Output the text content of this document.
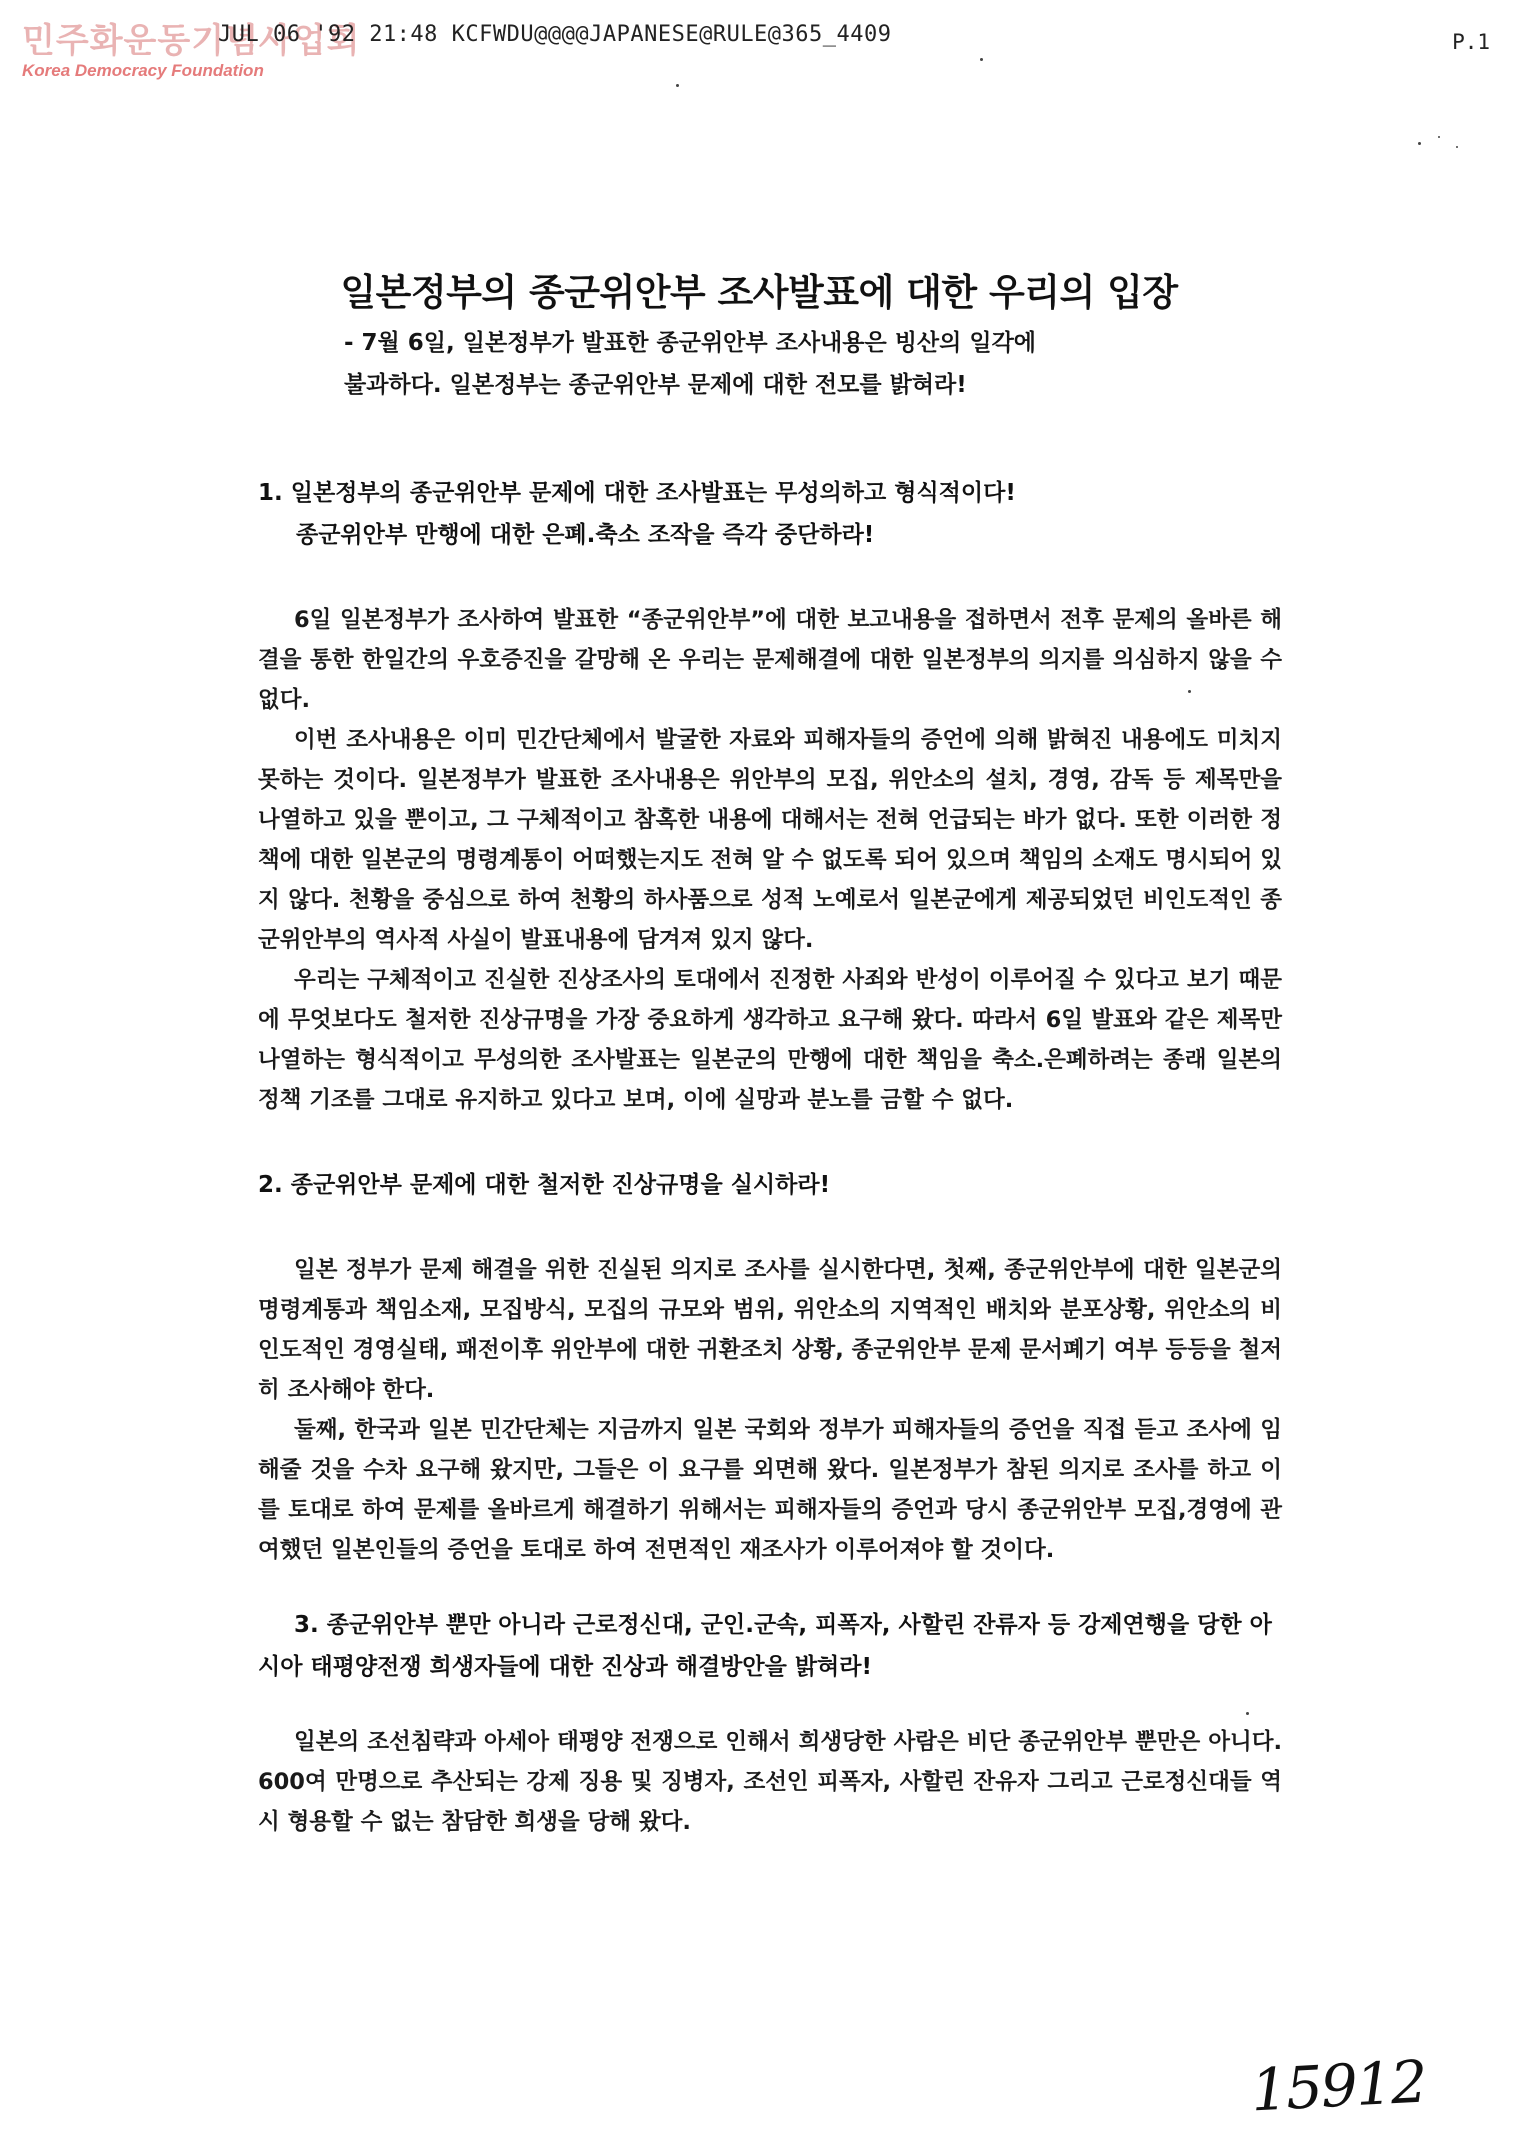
민주화운동기념사업회
Korea Democracy Foundation
JUL 06 '92 21:48 KCFWDU@@@@JAPANESE@RULE@365_4409	P.1
일본정부의 종군위안부 조사발표에 대한 우리의 입장
- 7월 6일, 일본정부가 발표한 종군위안부 조사내용은 빙산의 일각에
불과하다. 일본정부는 종군위안부 문제에 대한 전모를 밝혀라!
1. 일본정부의 종군위안부 문제에 대한 조사발표는 무성의하고 형식적이다!
종군위안부 만행에 대한 은폐.축소 조작을 즉각 중단하라!

6일 일본정부가 조사하여 발표한 “종군위안부”에 대한 보고내용을 접하면서 전후 문제의 올바른 해결을 통한 한일간의 우호증진을 갈망해 온 우리는 문제해결에 대한 일본정부의 의지를 의심하지 않을 수 없다.

이번 조사내용은 이미 민간단체에서 발굴한 자료와 피해자들의 증언에 의해 밝혀진 내용에도 미치지 못하는 것이다. 일본정부가 발표한 조사내용은 위안부의 모집, 위안소의 설치, 경영, 감독 등 제목만을 나열하고 있을 뿐이고, 그 구체적이고 참혹한 내용에 대해서는 전혀 언급되는 바가 없다. 또한 이러한 정책에 대한 일본군의 명령계통이 어떠했는지도 전혀 알 수 없도록 되어 있으며 책임의 소재도 명시되어 있지 않다. 천황을 중심으로 하여 천황의 하사품으로 성적 노예로서 일본군에게 제공되었던 비인도적인 종군위안부의 역사적 사실이 발표내용에 담겨져 있지 않다.

우리는 구체적이고 진실한 진상조사의 토대에서 진정한 사죄와 반성이 이루어질 수 있다고 보기 때문에 무엇보다도 철저한 진상규명을 가장 중요하게 생각하고 요구해 왔다. 따라서 6일 발표와 같은 제목만 나열하는 형식적이고 무성의한 조사발표는 일본군의 만행에 대한 책임을 축소.은폐하려는 종래 일본의 정책 기조를 그대로 유지하고 있다고 보며, 이에 실망과 분노를 금할 수 없다.

2. 종군위안부 문제에 대한 철저한 진상규명을 실시하라!

일본 정부가 문제 해결을 위한 진실된 의지로 조사를 실시한다면, 첫째, 종군위안부에 대한 일본군의 명령계통과 책임소재, 모집방식, 모집의 규모와 범위, 위안소의 지역적인 배치와 분포상황, 위안소의 비인도적인 경영실태, 패전이후 위안부에 대한 귀환조치 상황, 종군위안부 문제 문서폐기 여부 등등을 철저히 조사해야 한다.

둘째, 한국과 일본 민간단체는 지금까지 일본 국회와 정부가 피해자들의 증언을 직접 듣고 조사에 임해줄 것을 수차 요구해 왔지만, 그들은 이 요구를 외면해 왔다. 일본정부가 참된 의지로 조사를 하고 이를 토대로 하여 문제를 올바르게 해결하기 위해서는 피해자들의 증언과 당시 종군위안부 모집,경영에 관여했던 일본인들의 증언을 토대로 하여 전면적인 재조사가 이루어져야 할 것이다.

3. 종군위안부 뿐만 아니라 근로정신대, 군인.군속, 피폭자, 사할린 잔류자 등 강제연행을 당한 아시아 태평양전쟁 희생자들에 대한 진상과 해결방안을 밝혀라!

일본의 조선침략과 아세아 태평양 전쟁으로 인해서 희생당한 사람은 비단 종군위안부 뿐만은 아니다. 600여 만명으로 추산되는 강제 징용 및 징병자, 조선인 피폭자, 사할린 잔유자 그리고 근로정신대들 역시 형용할 수 없는 참담한 희생을 당해 왔다.

15912
